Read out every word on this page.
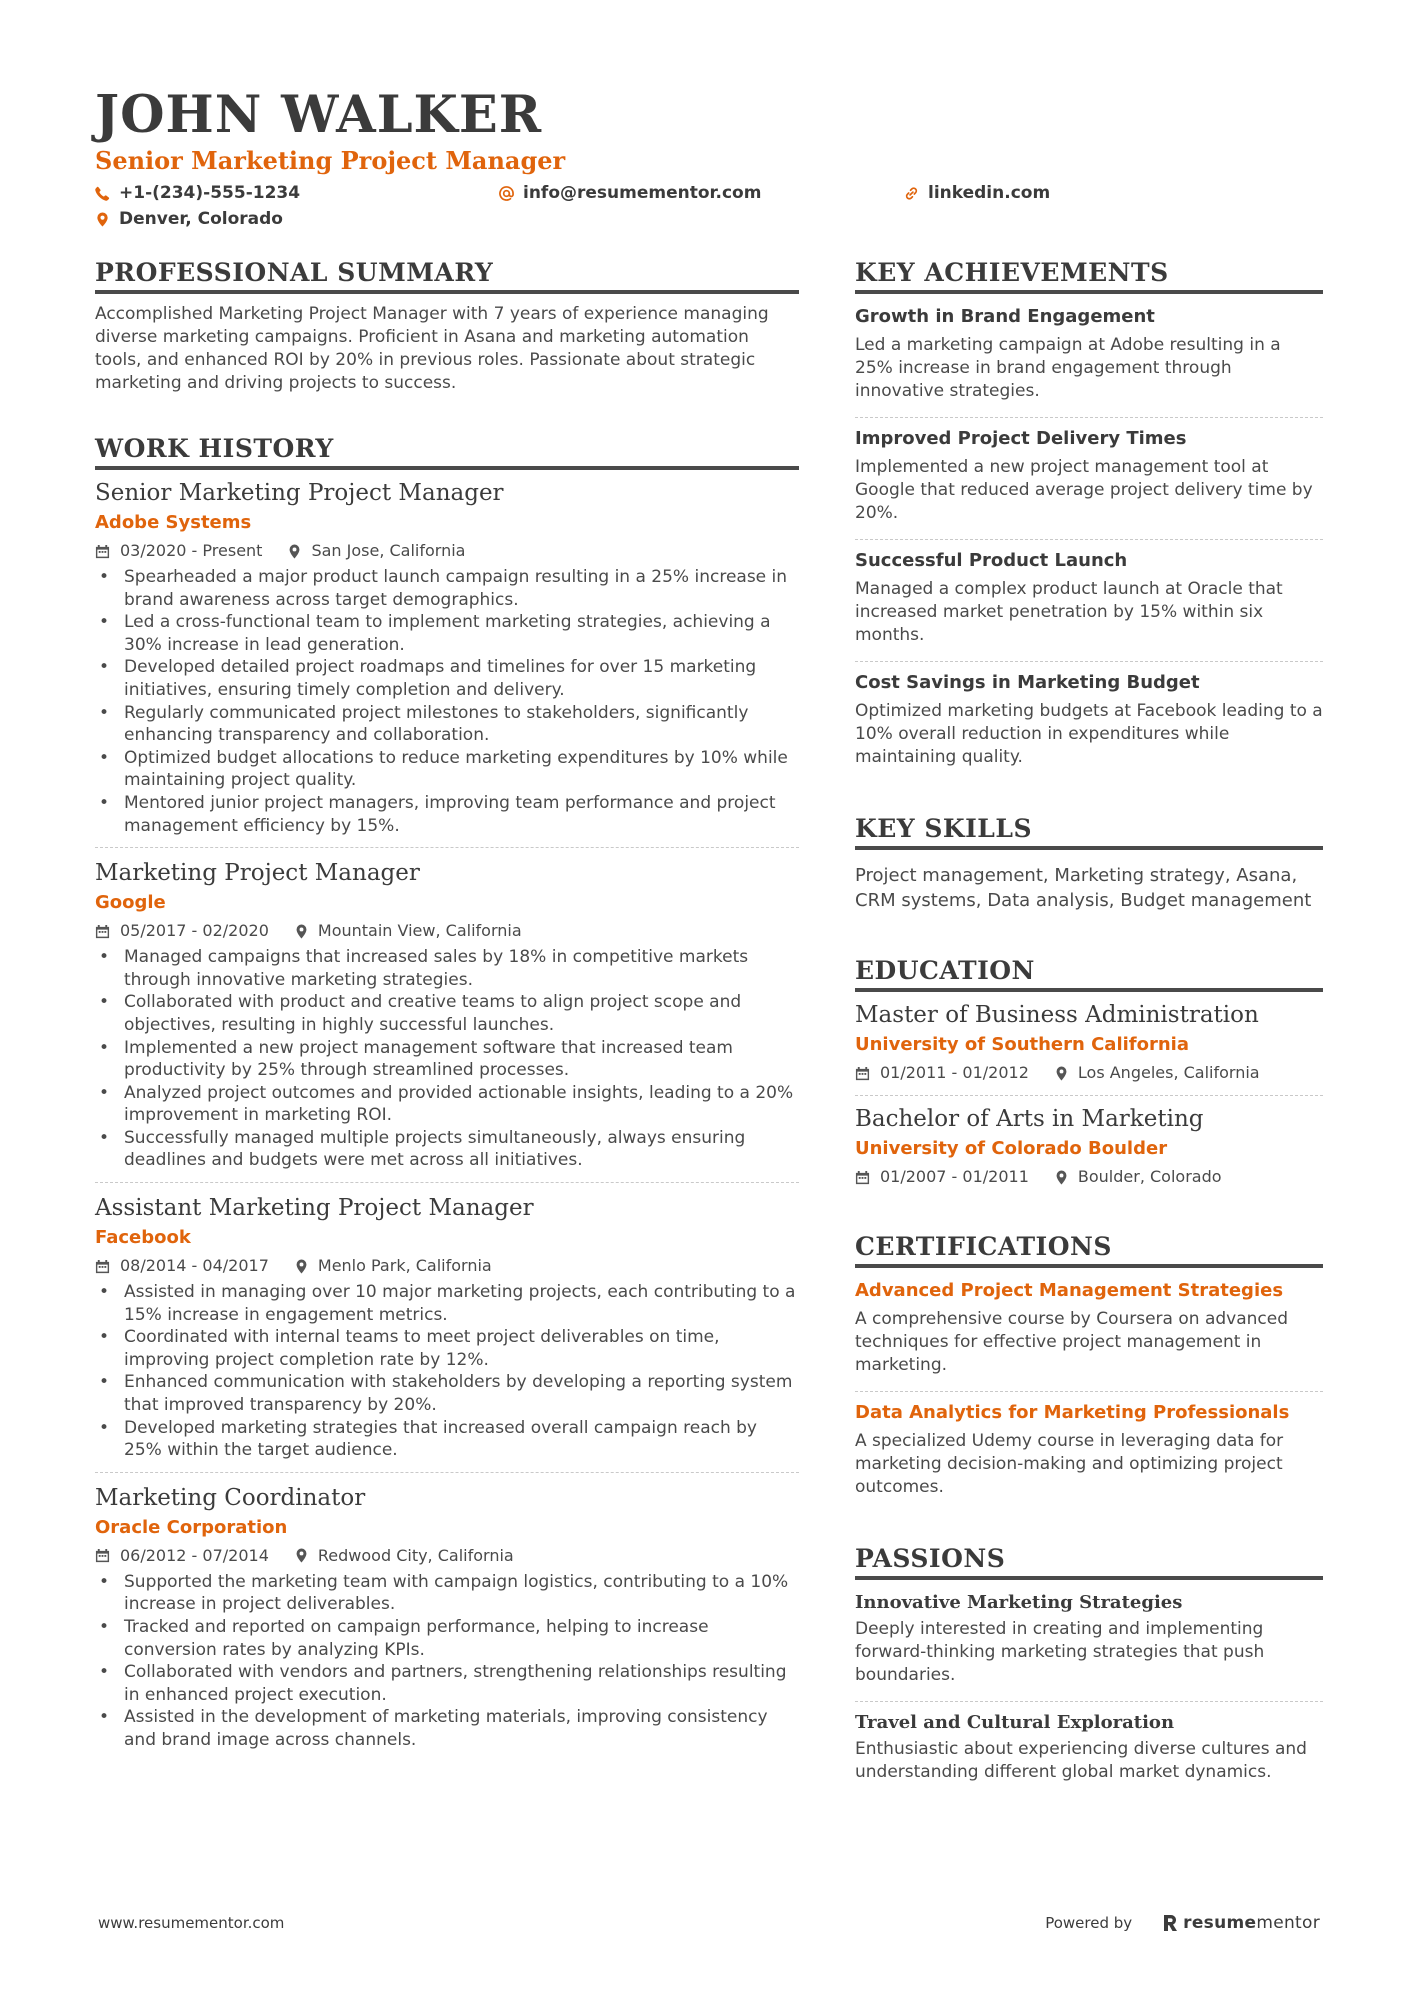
JOHN WALKER
Senior Marketing Project Manager
+1-(234)-555-1234	info@resumementor.com	linkedin.com
Denver, Colorado
PROFESSIONAL SUMMARY
Accomplished Marketing Project Manager with 7 years of experience managing diverse marketing campaigns. Proficient in Asana and marketing automation tools, and enhanced ROI by 20% in previous roles. Passionate about strategic marketing and driving projects to success.
WORK HISTORY
Senior Marketing Project Manager
Adobe Systems
03/2020 - Present	San Jose, California
• Spearheaded a major product launch campaign resulting in a 25% increase in brand awareness across target demographics.
• Led a cross-functional team to implement marketing strategies, achieving a 30% increase in lead generation.
• Developed detailed project roadmaps and timelines for over 15 marketing initiatives, ensuring timely completion and delivery.
• Regularly communicated project milestones to stakeholders, significantly enhancing transparency and collaboration.
• Optimized budget allocations to reduce marketing expenditures by 10% while maintaining project quality.
• Mentored junior project managers, improving team performance and project management efficiency by 15%.
Marketing Project Manager
Google
05/2017 - 02/2020	Mountain View, California
• Managed campaigns that increased sales by 18% in competitive markets through innovative marketing strategies.
• Collaborated with product and creative teams to align project scope and objectives, resulting in highly successful launches.
• Implemented a new project management software that increased team productivity by 25% through streamlined processes.
• Analyzed project outcomes and provided actionable insights, leading to a 20% improvement in marketing ROI.
• Successfully managed multiple projects simultaneously, always ensuring deadlines and budgets were met across all initiatives.
Assistant Marketing Project Manager
Facebook
08/2014 - 04/2017	Menlo Park, California
• Assisted in managing over 10 major marketing projects, each contributing to a 15% increase in engagement metrics.
• Coordinated with internal teams to meet project deliverables on time, improving project completion rate by 12%.
• Enhanced communication with stakeholders by developing a reporting system that improved transparency by 20%.
• Developed marketing strategies that increased overall campaign reach by 25% within the target audience.
Marketing Coordinator
Oracle Corporation
06/2012 - 07/2014	Redwood City, California
• Supported the marketing team with campaign logistics, contributing to a 10% increase in project deliverables.
• Tracked and reported on campaign performance, helping to increase conversion rates by analyzing KPIs.
• Collaborated with vendors and partners, strengthening relationships resulting in enhanced project execution.
• Assisted in the development of marketing materials, improving consistency and brand image across channels.
KEY ACHIEVEMENTS
Growth in Brand Engagement
Led a marketing campaign at Adobe resulting in a 25% increase in brand engagement through innovative strategies.
Improved Project Delivery Times
Implemented a new project management tool at Google that reduced average project delivery time by 20%.
Successful Product Launch
Managed a complex product launch at Oracle that increased market penetration by 15% within six months.
Cost Savings in Marketing Budget
Optimized marketing budgets at Facebook leading to a 10% overall reduction in expenditures while maintaining quality.
KEY SKILLS
Project management, Marketing strategy, Asana, CRM systems, Data analysis, Budget management
EDUCATION
Master of Business Administration
University of Southern California
01/2011 - 01/2012	Los Angeles, California
Bachelor of Arts in Marketing
University of Colorado Boulder
01/2007 - 01/2011	Boulder, Colorado
CERTIFICATIONS
Advanced Project Management Strategies
A comprehensive course by Coursera on advanced techniques for effective project management in marketing.
Data Analytics for Marketing Professionals
A specialized Udemy course in leveraging data for marketing decision-making and optimizing project outcomes.
PASSIONS
Innovative Marketing Strategies
Deeply interested in creating and implementing forward-thinking marketing strategies that push boundaries.
Travel and Cultural Exploration
Enthusiastic about experiencing diverse cultures and understanding different global market dynamics.
www.resumementor.com	Powered by	resume mentor
